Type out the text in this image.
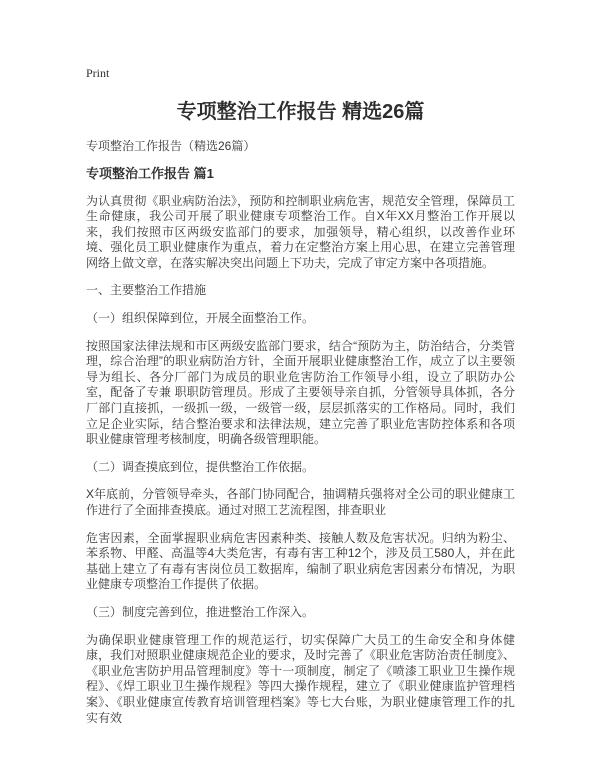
Print
专项整治工作报告 精选26篇

专项整治工作报告（精选26篇）

专项整治工作报告 篇1

为认真贯彻《职业病防治法》，预防和控制职业病危害，规范安全管理，保障员工生命健康，我公司开展了职业健康专项整治工作。自X年XX月整治工作开展以来，我们按照市区两级安监部门的要求，加强领导，精心组织，以改善作业环境、强化员工职业健康作为重点，着力在定整治方案上用心思，在建立完善管理网络上做文章，在落实解决突出问题上下功夫，完成了审定方案中各项措施。

一、主要整治工作措施

（一）组织保障到位，开展全面整治工作。

按照国家法律法规和市区两级安监部门要求，结合“预防为主，防治结合，分类管理，综合治理”的职业病防治方针，全面开展职业健康整治工作，成立了以主要领导为组长、各分厂部门为成员的职业危害防治工作领导小组，设立了职防办公室，配备了专兼 职职防管理员。形成了主要领导亲自抓，分管领导具体抓，各分厂部门直接抓，一级抓一级，一级管一级，层层抓落实的工作格局。同时，我们立足企业实际，结合整治要求和法律法规，建立完善了职业危害防控体系和各项职业健康管理考核制度，明确各级管理职能。

（二）调查摸底到位，提供整治工作依据。

X年底前，分管领导牵头，各部门协同配合，抽调精兵强将对全公司的职业健康工作进行了全面排查摸底。通过对照工艺流程图，排查职业

危害因素，全面掌握职业病危害因素种类、接触人数及危害状况。归纳为粉尘、苯系物、甲醛、高温等4大类危害，有毒有害工种12个，涉及员工580人，并在此基础上建立了有毒有害岗位员工数据库，编制了职业病危害因素分布情况，为职业健康专项整治工作提供了依据。

（三）制度完善到位，推进整治工作深入。

为确保职业健康管理工作的规范运行，切实保障广大员工的生命安全和身体健康，我们对照职业健康规范企业的要求，及时完善了《职业危害防治责任制度》、《职业危害防护用品管理制度》等十一项制度，制定了《喷漆工职业卫生操作规程》、《焊工职业卫生操作规程》等四大操作规程，建立了《职业健康监护管理档案》、《职业健康宣传教育培训管理档案》等七大台账，为职业健康管理工作的扎实有效
